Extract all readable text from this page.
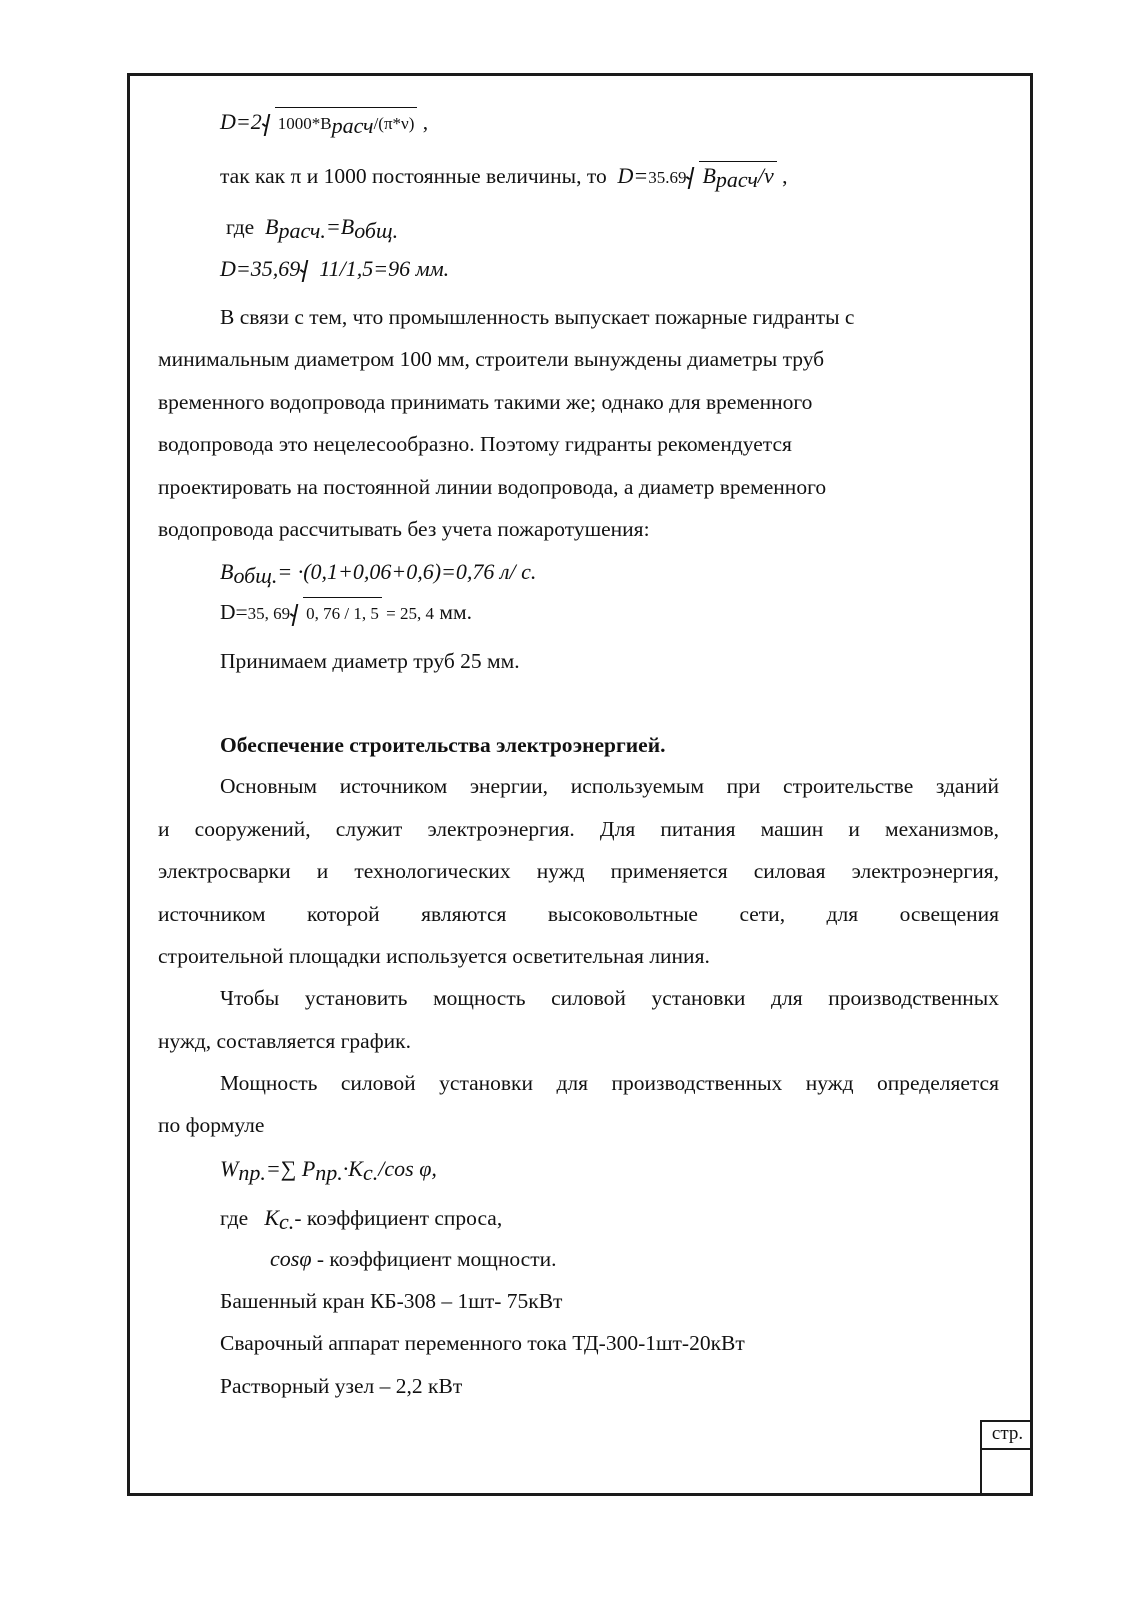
D=2 $1000*B_{расч}/(\pi*\nu)$ ,
так как π и 1000 постоянные величины, то D=35.69 $B_{расч}/\nu$ ,
где $B_{расч.}=B_{общ.}$
D=35,69 11/1,5=96 мм.
В связи с тем, что промышленность выпускает пожарные гидранты с
минимальным диаметром 100 мм, строители вынуждены диаметры труб
временного водопровода принимать такими же; однако для временного
водопровода это нецелесообразно. Поэтому гидранты рекомендуется
проектировать на постоянной линии водопровода, а диаметр временного
водопровода рассчитывать без учета пожаротушения:
$B_{общ.}= \cdot(0,1+0,06+0,6)=0,76$ л/ с.
D=35, 69 0, 76 / 1, 5 = 25, 4 мм.
Принимаем диаметр труб 25 мм.
Обеспечение строительства электроэнергией.
Основным источником энергии, используемым при строительстве зданий
и сооружений, служит электроэнергия. Для питания машин и механизмов,
электросварки и технологических нужд применяется силовая электроэнергия,
источником которой являются высоковольтные сети, для освещения
строительной площадки используется осветительная линия.
Чтобы установить мощность силовой установки для производственных
нужд, составляется график.
Мощность силовой установки для производственных нужд определяется
по формуле
$W_{пр.}=\sum$ $P_{пр.}\cdot K_{с.}/\cos$ φ,
где $K_{с.}-$ коэффициент спроса,
cosφ - коэффициент мощности.
Башенный кран КБ-308 – 1шт- 75кВт
Сварочный аппарат переменного тока ТД-300-1шт-20кВт
Растворный узел – 2,2 кВт
стр.
